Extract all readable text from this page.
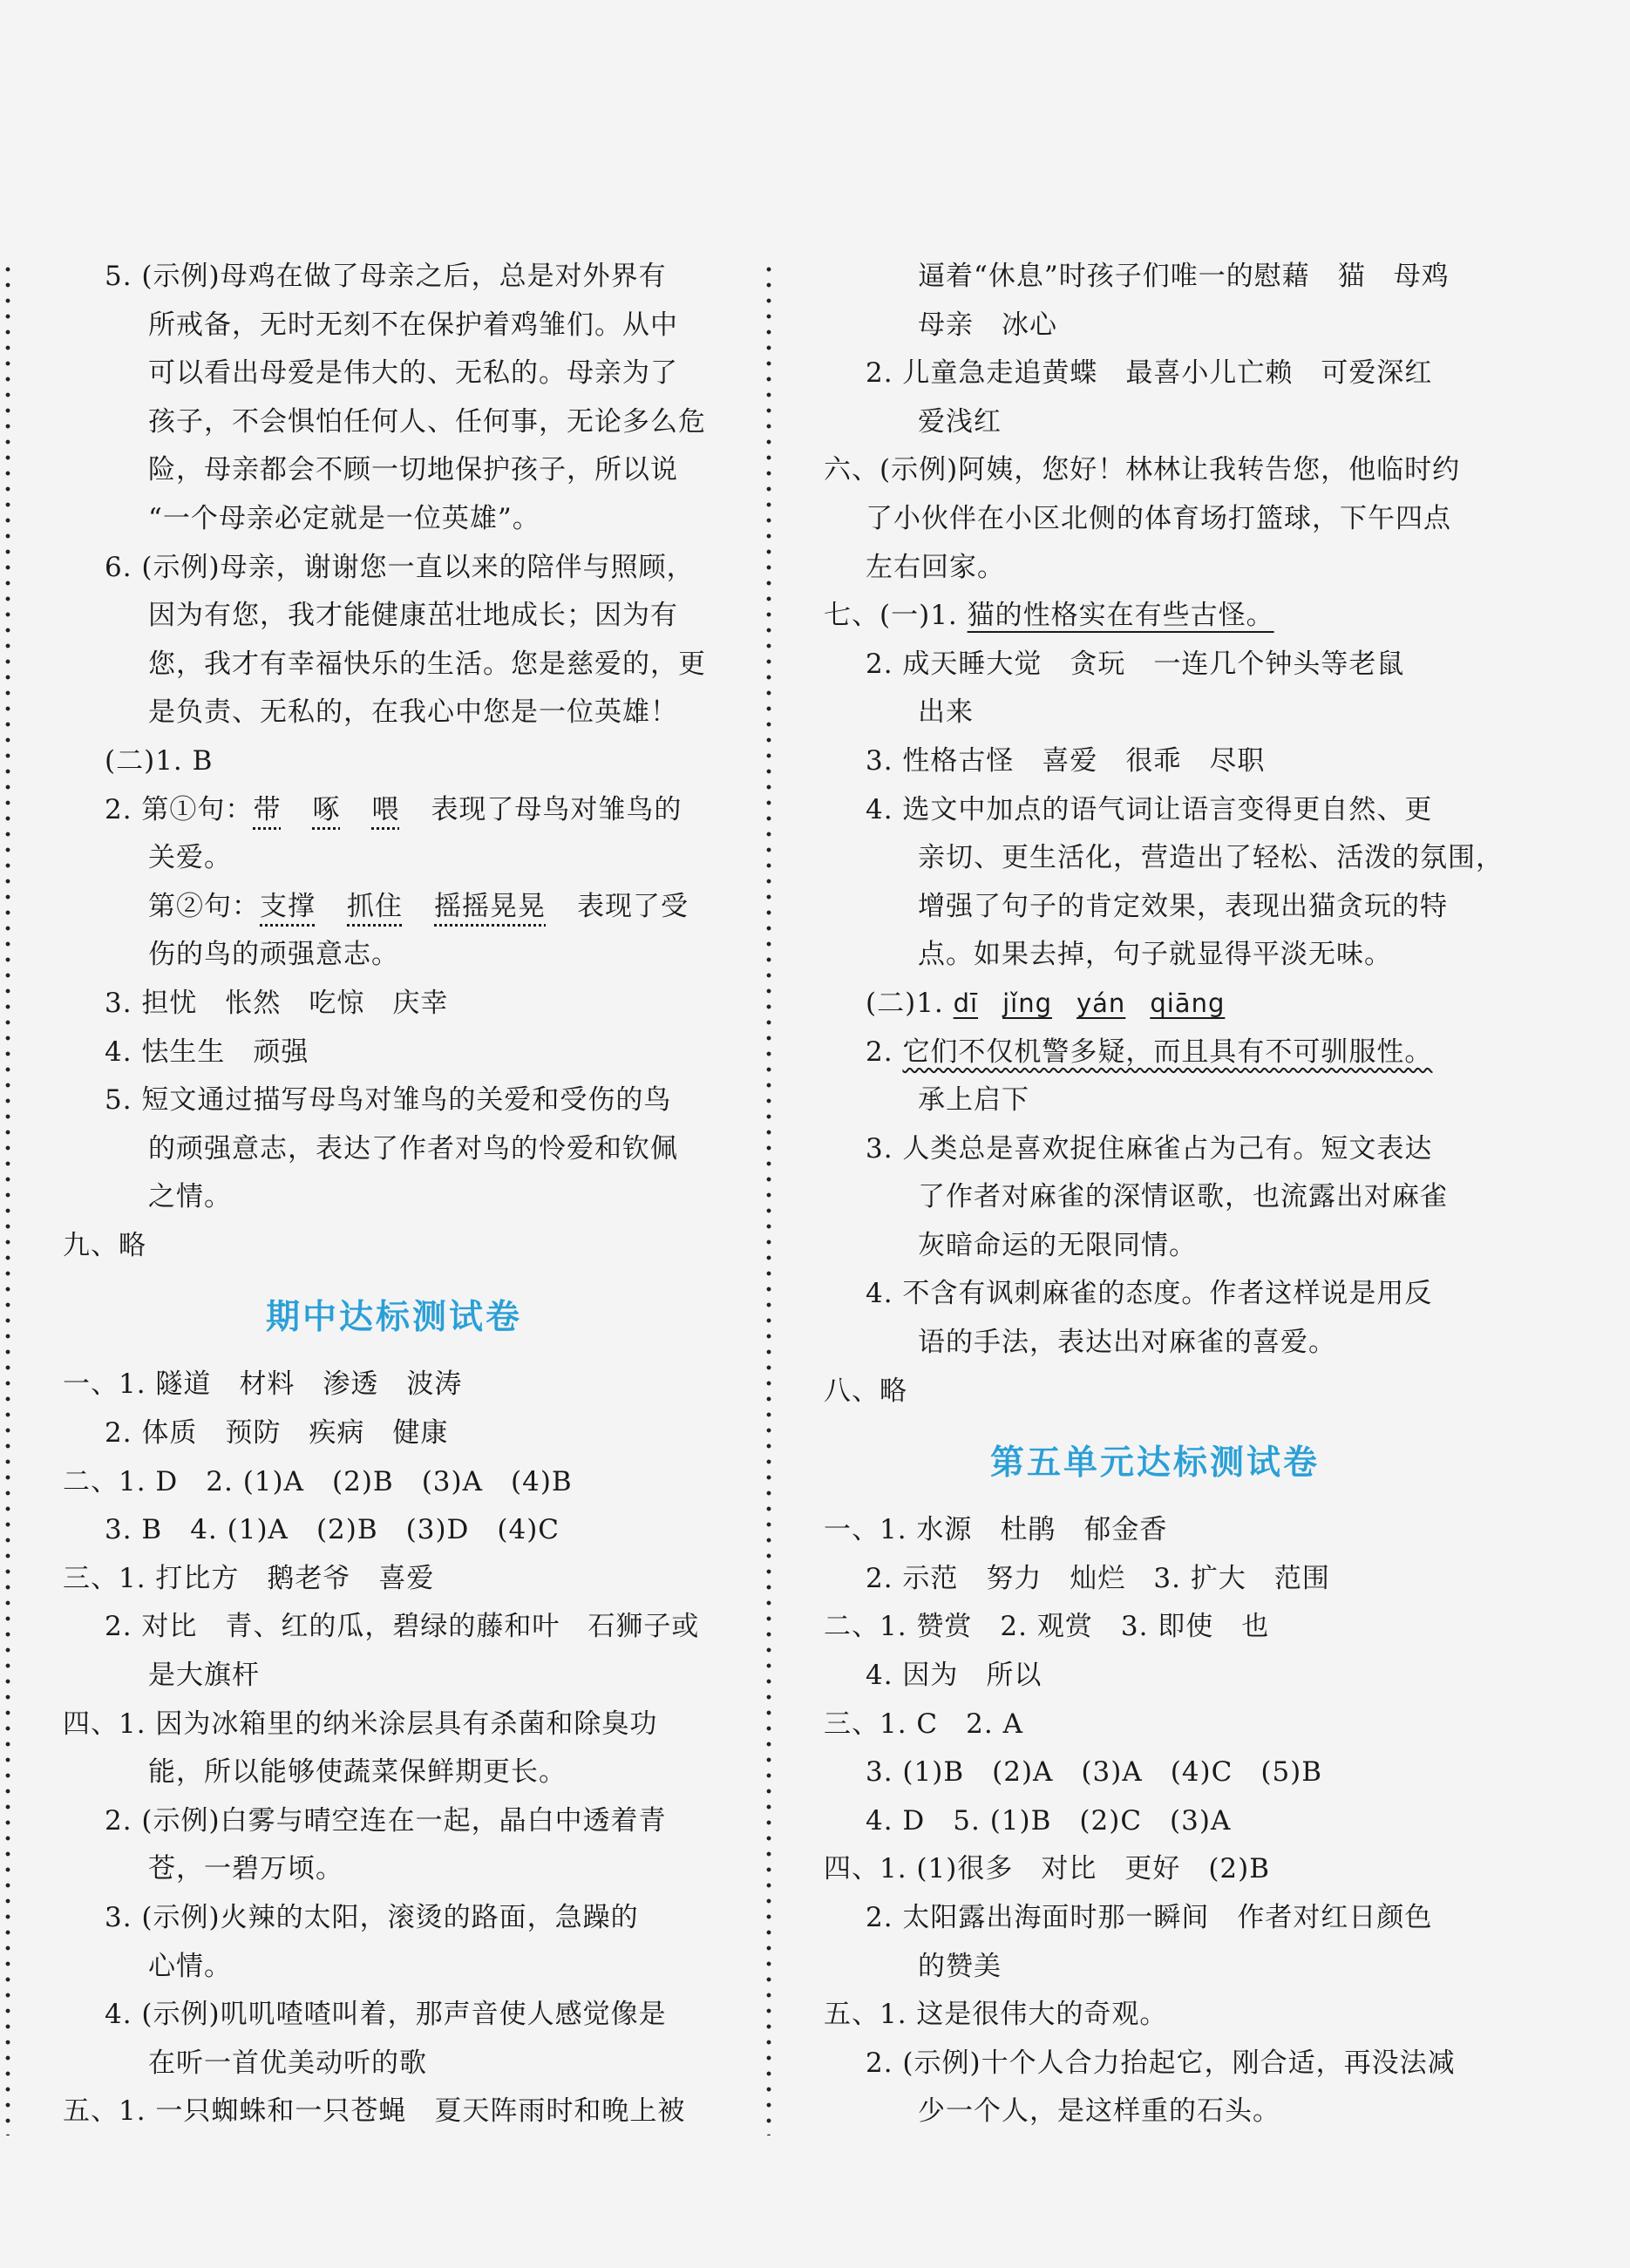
5. (示例)母鸡在做了母亲之后，总是对外界有
所戒备，无时无刻不在保护着鸡雏们。从中
可以看出母爱是伟大的、无私的。母亲为了
孩子，不会惧怕任何人、任何事，无论多么危
险，母亲都会不顾一切地保护孩子，所以说
“一个母亲必定就是一位英雄”。
6. (示例)母亲，谢谢您一直以来的陪伴与照顾，
因为有您，我才能健康茁壮地成长；因为有
您，我才有幸福快乐的生活。您是慈爱的，更
是负责、无私的，在我心中您是一位英雄！
(二)1. B
2. 第①句：带 啄 喂 表现了母鸟对雏鸟的
关爱。
第②句：支撑 抓住 摇摇晃晃 表现了受
伤的鸟的顽强意志。
3. 担忧　怅然　吃惊　庆幸
4. 怯生生　顽强
5. 短文通过描写母鸟对雏鸟的关爱和受伤的鸟
的顽强意志，表达了作者对鸟的怜爱和钦佩
之情。
九、略
期中达标测试卷
一、1. 隧道　材料　渗透　波涛
2. 体质　预防　疾病　健康
二、1. D　2. (1)A　(2)B　(3)A　(4)B
3. B　4. (1)A　(2)B　(3)D　(4)C
三、1. 打比方　鹅老爷　喜爱
2. 对比　青、红的瓜，碧绿的藤和叶　石狮子或
是大旗杆
四、1. 因为冰箱里的纳米涂层具有杀菌和除臭功
能，所以能够使蔬菜保鲜期更长。
2. (示例)白雾与晴空连在一起，晶白中透着青
苍，一碧万顷。
3. (示例)火辣的太阳，滚烫的路面，急躁的
心情。
4. (示例)叽叽喳喳叫着，那声音使人感觉像是
在听一首优美动听的歌
五、1. 一只蜘蛛和一只苍蝇　夏天阵雨时和晚上被
逼着“休息”时孩子们唯一的慰藉　猫　母鸡
母亲　冰心
2. 儿童急走追黄蝶　最喜小儿亡赖　可爱深红
爱浅红
六、(示例)阿姨，您好！林林让我转告您，他临时约
了小伙伴在小区北侧的体育场打篮球，下午四点
左右回家。
七、(一)1. 猫的性格实在有些古怪。
2. 成天睡大觉　贪玩　一连几个钟头等老鼠
出来
3. 性格古怪　喜爱　很乖　尽职
4. 选文中加点的语气词让语言变得更自然、更
亲切、更生活化，营造出了轻松、活泼的氛围，
增强了句子的肯定效果，表现出猫贪玩的特
点。如果去掉，句子就显得平淡无味。
(二)1. dī jǐng yán qiāng
2. 它们不仅机警多疑，而且具有不可驯服性。
承上启下
3. 人类总是喜欢捉住麻雀占为己有。短文表达
了作者对麻雀的深情讴歌，也流露出对麻雀
灰暗命运的无限同情。
4. 不含有讽刺麻雀的态度。作者这样说是用反
语的手法，表达出对麻雀的喜爱。
八、略
第五单元达标测试卷
一、1. 水源　杜鹃　郁金香
2. 示范　努力　灿烂　3. 扩大　范围
二、1. 赞赏　2. 观赏　3. 即使　也
4. 因为　所以
三、1. C　2. A
3. (1)B　(2)A　(3)A　(4)C　(5)B
4. D　5. (1)B　(2)C　(3)A
四、1. (1)很多　对比　更好　(2)B
2. 太阳露出海面时那一瞬间　作者对红日颜色
的赞美
五、1. 这是很伟大的奇观。
2. (示例)十个人合力抬起它，刚合适，再没法减
少一个人，是这样重的石头。
